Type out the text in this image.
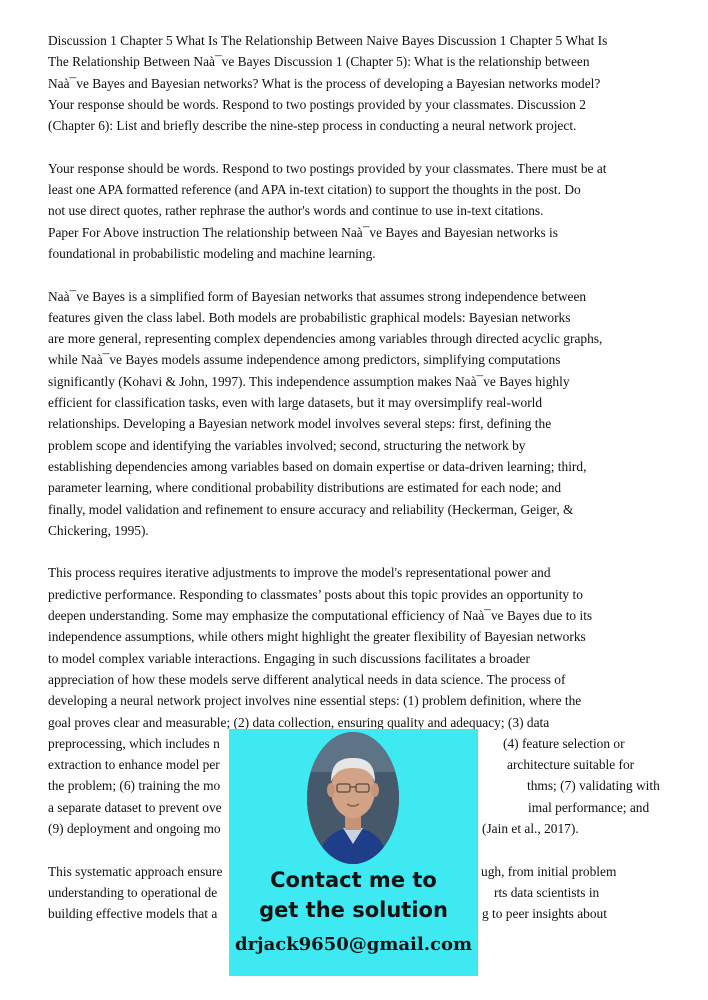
Discussion 1 Chapter 5 What Is The Relationship Between Naive Bayes Discussion 1 Chapter 5 What Is
The Relationship Between Naà¯ve Bayes Discussion 1 (Chapter 5): What is the relationship between
Naà¯ve Bayes and Bayesian networks? What is the process of developing a Bayesian networks model?
Your response should be words. Respond to two postings provided by your classmates. Discussion 2
(Chapter 6): List and briefly describe the nine-step process in conducting a neural network project.
Your response should be words. Respond to two postings provided by your classmates. There must be at
least one APA formatted reference (and APA in-text citation) to support the thoughts in the post. Do
not use direct quotes, rather rephrase the author's words and continue to use in-text citations.
Paper For Above instruction The relationship between Naà¯ve Bayes and Bayesian networks is
foundational in probabilistic modeling and machine learning.
Naà¯ve Bayes is a simplified form of Bayesian networks that assumes strong independence between
features given the class label. Both models are probabilistic graphical models: Bayesian networks
are more general, representing complex dependencies among variables through directed acyclic graphs,
while Naà¯ve Bayes models assume independence among predictors, simplifying computations
significantly (Kohavi & John, 1997). This independence assumption makes Naà¯ve Bayes highly
efficient for classification tasks, even with large datasets, but it may oversimplify real-world
relationships. Developing a Bayesian network model involves several steps: first, defining the
problem scope and identifying the variables involved; second, structuring the network by
establishing dependencies among variables based on domain expertise or data-driven learning; third,
parameter learning, where conditional probability distributions are estimated for each node; and
finally, model validation and refinement to ensure accuracy and reliability (Heckerman, Geiger, &
Chickering, 1995).
This process requires iterative adjustments to improve the model's representational power and
predictive performance. Responding to classmates’ posts about this topic provides an opportunity to
deepen understanding. Some may emphasize the computational efficiency of Naà¯ve Bayes due to its
independence assumptions, while others might highlight the greater flexibility of Bayesian networks
to model complex variable interactions. Engaging in such discussions facilitates a broader
appreciation of how these models serve different analytical needs in data science. The process of
developing a neural network project involves nine essential steps: (1) problem definition, where the
goal proves clear and measurable; (2) data collection, ensuring quality and adequacy; (3) data
preprocessing, which includes n	(4) feature selection or
extraction to enhance model per	architecture suitable for
the problem; (6) training the mo	thms; (7) validating with
a separate dataset to prevent ove	imal performance; and
(9) deployment and ongoing mo	(Jain et al., 2017).
This systematic approach ensure	ugh, from initial problem
understanding to operational de	rts data scientists in
building effective models that a	g to peer insights about
Contact me to
get the solution
drjack9650@gmail.com
